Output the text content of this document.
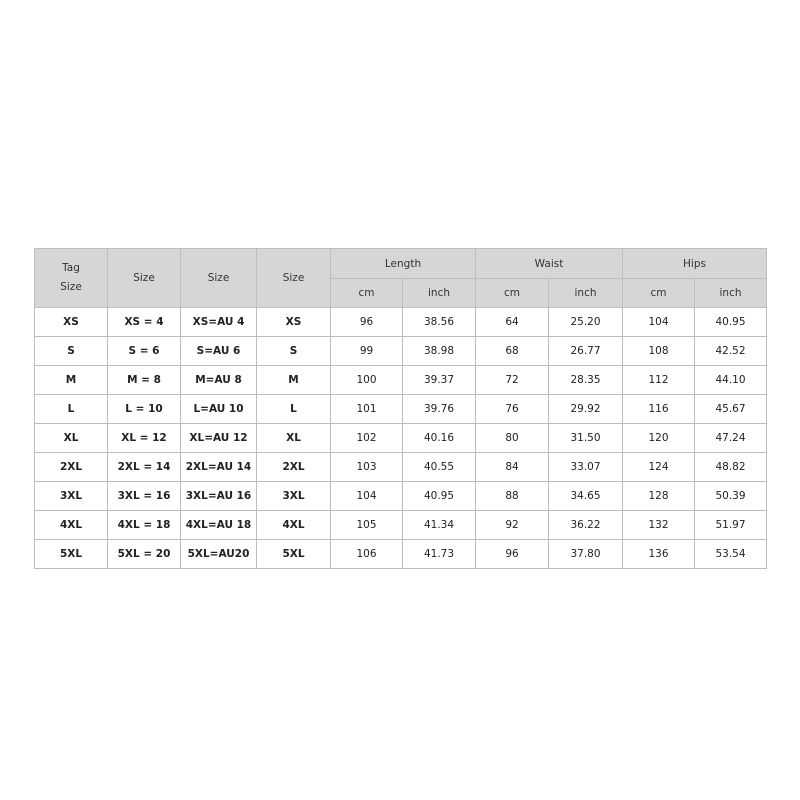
Tag
Size	Size	Size	Size	Length		Waist		Hips	
				cm	inch	cm	inch	cm	inch
XS	XS = 4	XS=AU 4	XS	96	38.56	64	25.20	104	40.95
S	S = 6	S=AU 6	S	99	38.98	68	26.77	108	42.52
M	M = 8	M=AU 8	M	100	39.37	72	28.35	112	44.10
L	L = 10	L=AU 10	L	101	39.76	76	29.92	116	45.67
XL	XL = 12	XL=AU 12	XL	102	40.16	80	31.50	120	47.24
2XL	2XL = 14	2XL=AU 14	2XL	103	40.55	84	33.07	124	48.82
3XL	3XL = 16	3XL=AU 16	3XL	104	40.95	88	34.65	128	50.39
4XL	4XL = 18	4XL=AU 18	4XL	105	41.34	92	36.22	132	51.97
5XL	5XL = 20	5XL=AU20	5XL	106	41.73	96	37.80	136	53.54
